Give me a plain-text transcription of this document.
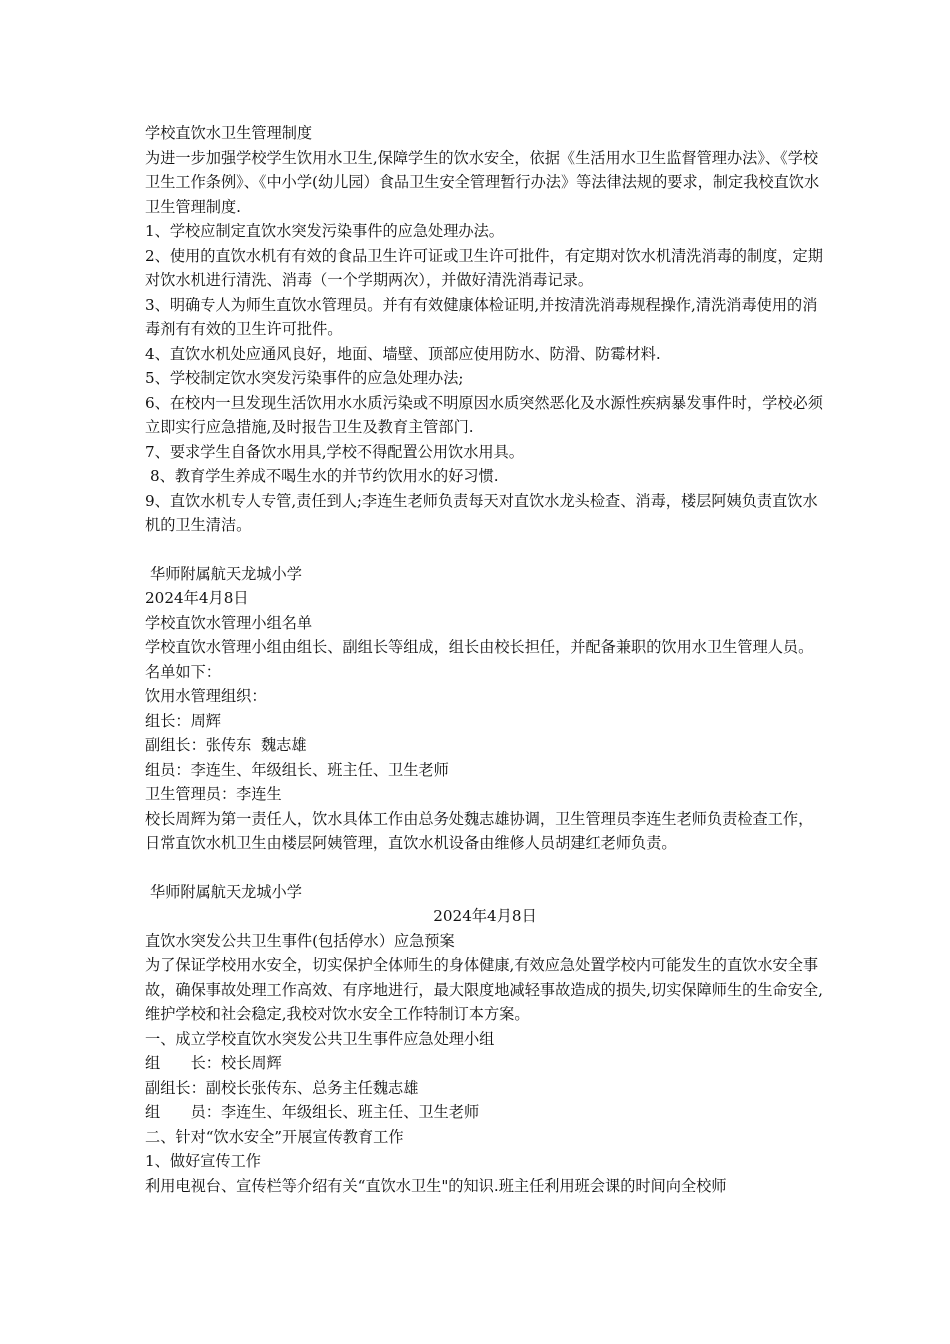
学校直饮水卫生管理制度

为进一步加强学校学生饮用水卫生,保障学生的饮水安全，依据《生活用水卫生监督管理办法》、《学校卫生工作条例》、《中小学(幼儿园）食品卫生安全管理暂行办法》等法律法规的要求，制定我校直饮水卫生管理制度.

1、学校应制定直饮水突发污染事件的应急处理办法。

2、使用的直饮水机有有效的食品卫生许可证或卫生许可批件，有定期对饮水机清洗消毒的制度，定期对饮水机进行清洗、消毒（一个学期两次），并做好清洗消毒记录。

3、明确专人为师生直饮水管理员。并有有效健康体检证明,并按清洗消毒规程操作,清洗消毒使用的消毒剂有有效的卫生许可批件。

4、直饮水机处应通风良好，地面、墙壁、顶部应使用防水、防滑、防霉材料.

5、学校制定饮水突发污染事件的应急处理办法;

6、在校内一旦发现生活饮用水水质污染或不明原因水质突然恶化及水源性疾病暴发事件时，学校必须立即实行应急措施,及时报告卫生及教育主管部门.

7、要求学生自备饮水用具,学校不得配置公用饮水用具。

8、教育学生养成不喝生水的并节约饮用水的好习惯.

9、直饮水机专人专管,责任到人;李连生老师负责每天对直饮水龙头检查、消毒，楼层阿姨负责直饮水机的卫生清洁。

华师附属航天龙城小学

2024年4月8日

学校直饮水管理小组名单

学校直饮水管理小组由组长、副组长等组成，组长由校长担任，并配备兼职的饮用水卫生管理人员。名单如下：

饮用水管理组织：

组长：周辉

副组长：张传东  魏志雄

组员：李连生、年级组长、班主任、卫生老师

卫生管理员：李连生

校长周辉为第一责任人，饮水具体工作由总务处魏志雄协调，卫生管理员李连生老师负责检查工作，日常直饮水机卫生由楼层阿姨管理，直饮水机设备由维修人员胡建红老师负责。

华师附属航天龙城小学

2024年4月8日

直饮水突发公共卫生事件(包括停水）应急预案

为了保证学校用水安全，切实保护全体师生的身体健康,有效应急处置学校内可能发生的直饮水安全事故，确保事故处理工作高效、有序地进行，最大限度地减轻事故造成的损失,切实保障师生的生命安全,维护学校和社会稳定,我校对饮水安全工作特制订本方案。

一、成立学校直饮水突发公共卫生事件应急处理小组

组　　长：校长周辉

副组长：副校长张传东、总务主任魏志雄

组　　员：李连生、年级组长、班主任、卫生老师

二、针对“饮水安全”开展宣传教育工作

1、做好宣传工作

利用电视台、宣传栏等介绍有关“直饮水卫生"的知识.班主任利用班会课的时间向全校师
